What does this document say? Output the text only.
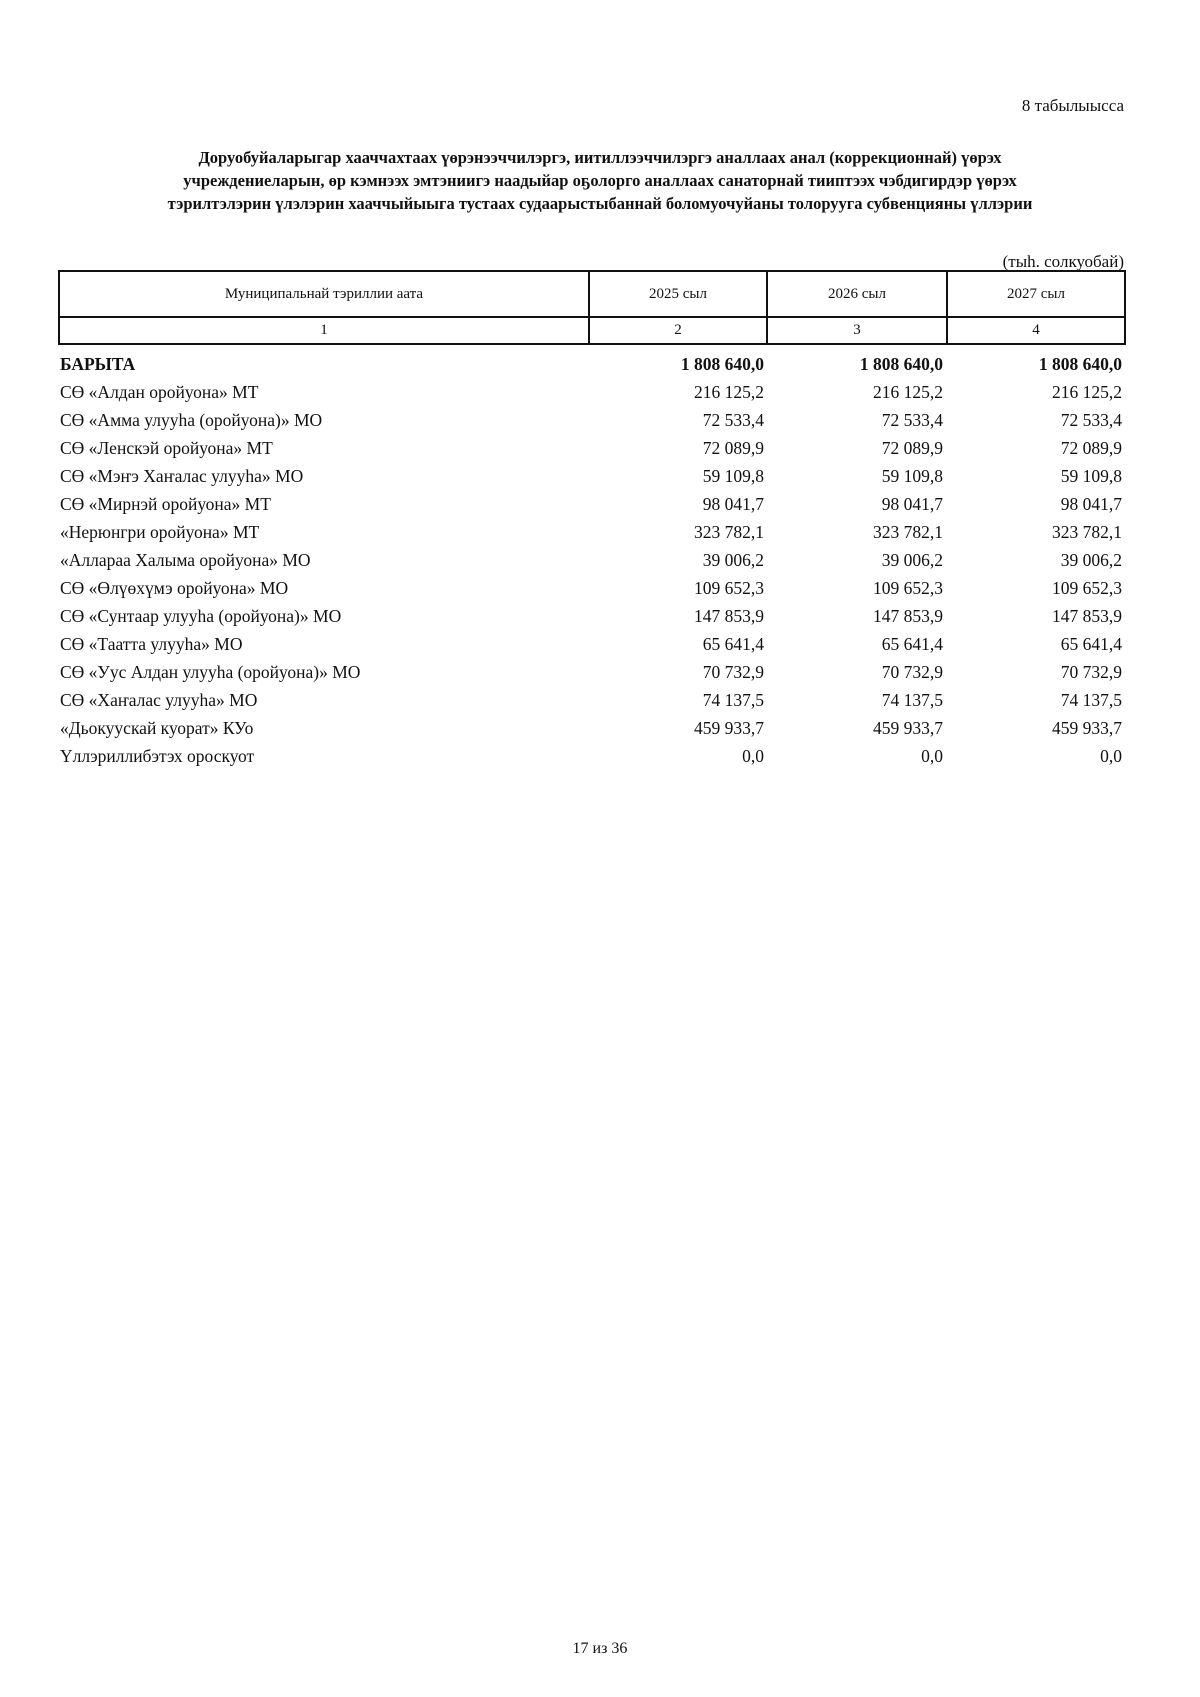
8 табылыысса
Доруобуйаларыгар хааччахтаах үөрэнээччилэргэ, иитиллээччилэргэ аналлаах анал (коррекционнай) үөрэх
учреждениеларын, өр кэмнээх эмтэниигэ наадыйар оҕолорго аналлаах санаторнай тииптээх чэбдигирдэр үөрэх
тэрилтэлэрин үлэлэрин хааччыйыыга тустаах судаарыстыбаннай боломуочуйаны толорууга субвенцияны үллэрии
(тыһ. солкуобай)
Муниципальнай тэриллии аата	2025 сыл	2026 сыл	2027 сыл
1	2	3	4
БАРЫТА	1 808 640,0	1 808 640,0	1 808 640,0
СӨ «Алдан оройуона» МТ	216 125,2	216 125,2	216 125,2
СӨ «Амма улууһа (оройуона)» МО	72 533,4	72 533,4	72 533,4
СӨ «Ленскэй оройуона» МТ	72 089,9	72 089,9	72 089,9
СӨ «Мэҥэ Хаҥалас улууһа» МО	59 109,8	59 109,8	59 109,8
СӨ «Мирнэй оройуона» МТ	98 041,7	98 041,7	98 041,7
«Нерюнгри оройуона» МТ	323 782,1	323 782,1	323 782,1
«Аллараа Халыма оройуона» МО	39 006,2	39 006,2	39 006,2
СӨ «Өлүөхүмэ оройуона» МО	109 652,3	109 652,3	109 652,3
СӨ «Сунтаар улууһа (оройуона)» МО	147 853,9	147 853,9	147 853,9
СӨ «Таатта улууһа» МО	65 641,4	65 641,4	65 641,4
СӨ «Уус Алдан улууһа (оройуона)» МО	70 732,9	70 732,9	70 732,9
СӨ «Хаҥалас улууһа» МО	74 137,5	74 137,5	74 137,5
«Дьокуускай куорат» КУо	459 933,7	459 933,7	459 933,7
Үллэриллибэтэх ороскуот	0,0	0,0	0,0
17 из 36
